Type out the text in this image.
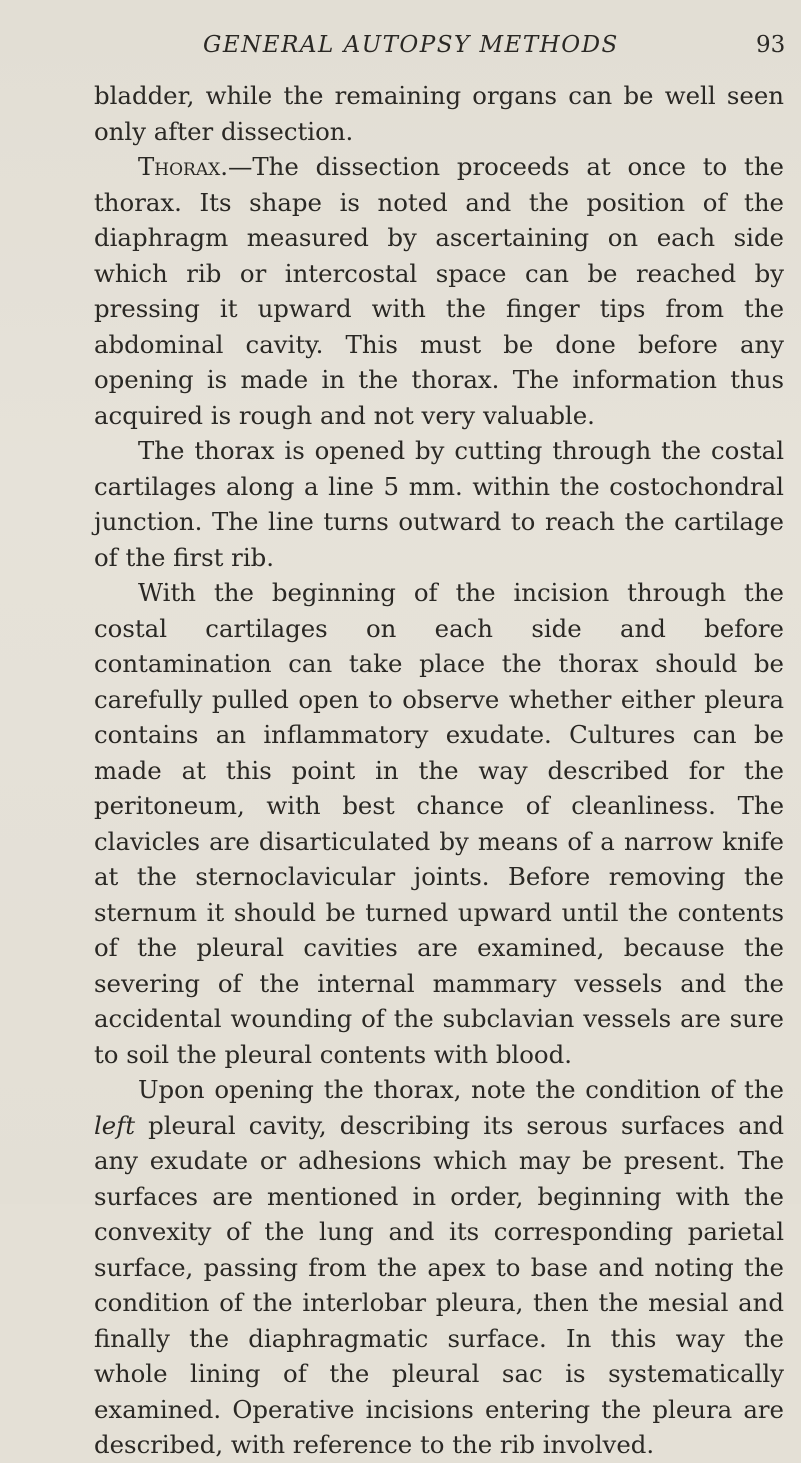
GENERAL AUTOPSY METHODS	93

bladder, while the remaining organs can be well seen only after dissection.

Thorax.—The dissection proceeds at once to the thorax. Its shape is noted and the position of the diaphragm measured by ascertaining on each side which rib or intercostal space can be reached by pressing it upward with the finger tips from the abdominal cavity. This must be done before any opening is made in the thorax. The information thus acquired is rough and not very valuable.

The thorax is opened by cutting through the costal cartilages along a line 5 mm. within the costochondral junction. The line turns outward to reach the cartilage of the first rib.

With the beginning of the incision through the costal cartilages on each side and before contamination can take place the thorax should be carefully pulled open to observe whether either pleura contains an inflammatory exudate. Cultures can be made at this point in the way described for the peritoneum, with best chance of cleanliness. The clavicles are disarticulated by means of a narrow knife at the sternoclavicular joints. Before removing the sternum it should be turned upward until the contents of the pleural cavities are examined, because the severing of the internal mammary vessels and the accidental wounding of the subclavian vessels are sure to soil the pleural contents with blood.

Upon opening the thorax, note the condition of the left pleural cavity, describing its serous surfaces and any exudate or adhesions which may be present. The surfaces are mentioned in order, beginning with the convexity of the lung and its corresponding parietal surface, passing from the apex to base and noting the condition of the interlobar pleura, then the mesial and finally the diaphragmatic surface. In this way the whole lining of the pleural sac is systematically examined. Operative incisions entering the pleura are described, with reference to the rib involved.
